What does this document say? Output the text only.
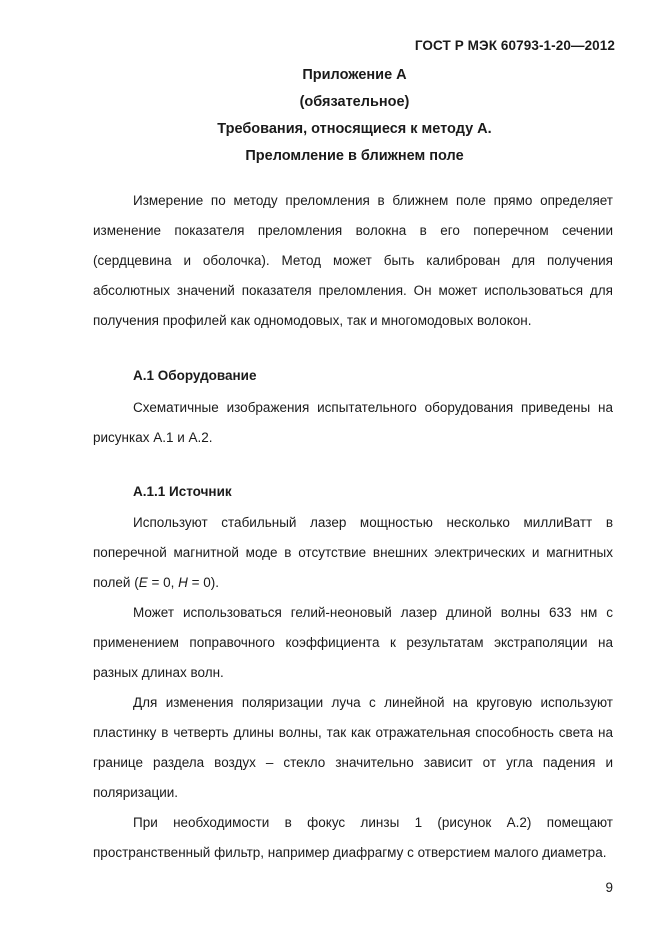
ГОСТ Р МЭК 60793-1-20—2012
Приложение А
(обязательное)
Требования, относящиеся к методу А.
Преломление в ближнем поле

Измерение по методу преломления в ближнем поле прямо определяет изменение показателя преломления волокна в его поперечном сечении (сердцевина и оболочка). Метод может быть калиброван для получения абсолютных значений показателя преломления. Он может использоваться для получения профилей как одномодовых, так и многомодовых волокон.

А.1 Оборудование

Схематичные изображения испытательного оборудования приведены на рисунках А.1 и А.2.

А.1.1 Источник

Используют стабильный лазер мощностью несколько миллиВатт в поперечной магнитной моде в отсутствие внешних электрических и магнитных полей (E = 0, H = 0).

Может использоваться гелий-неоновый лазер длиной волны 633 нм с применением поправочного коэффициента к результатам экстраполяции на разных длинах волн.

Для изменения поляризации луча с линейной на круговую используют пластинку в четверть длины волны, так как отражательная способность света на границе раздела воздух – стекло значительно зависит от угла падения и поляризации.

При необходимости в фокус линзы 1 (рисунок А.2) помещают пространственный фильтр, например диафрагму с отверстием малого диаметра.

9
